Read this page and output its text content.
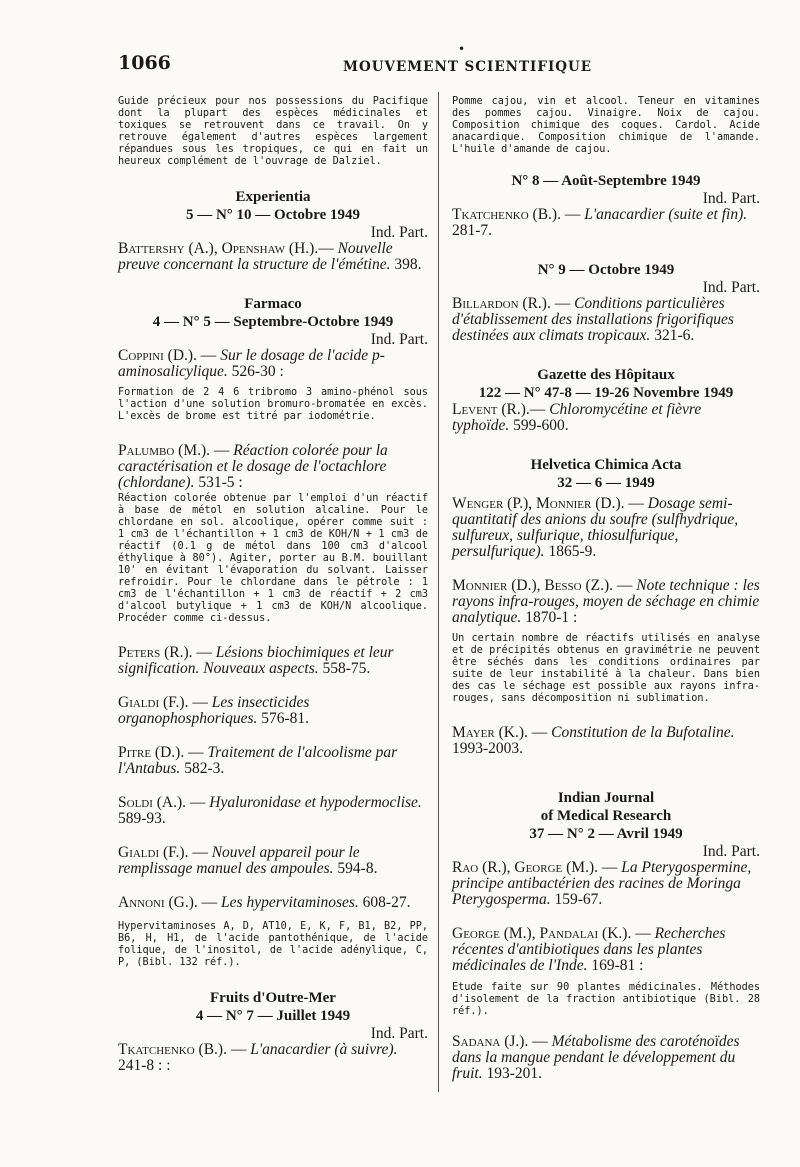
1066
•
MOUVEMENT SCIENTIFIQUE

Guide précieux pour nos possessions du Pacifique dont la plupart des espèces médicinales et toxiques se retrouvent dans ce travail. On y retrouve également d'autres espèces largement répandues sous les tropiques, ce qui en fait un heureux complément de l'ouvrage de Dalziel.

Experientia

5 — N° 10 — Octobre 1949

Ind. Part.

Battershy (A.), Openshaw (H.).— Nouvelle preuve concernant la structure de l'émétine. 398.

Farmaco

4 — N° 5 — Septembre-Octobre 1949

Ind. Part.

Coppini (D.). — Sur le dosage de l'acide p-aminosalicylique. 526-30 :

Formation de 2 4 6 tribromo 3 amino-phénol sous l'action d'une solution bromuro-bromatée en excès. L'excès de brome est titré par iodométrie.

Palumbo (M.). — Réaction colorée pour la caractérisation et le dosage de l'octachlore (chlordane). 531-5 :

Réaction colorée obtenue par l'emploi d'un réactif à base de métol en solution alcaline. Pour le chlordane en sol. alcoolique, opérer comme suit : 1 cm3 de l'échantillon + 1 cm3 de KOH/N + 1 cm3 de réactif (0.1 g de métol dans 100 cm3 d'alcool éthylique à 80°). Agiter, porter au B.M. bouillant 10' en évitant l'évaporation du solvant. Laisser refroidir. Pour le chlordane dans le pétrole : 1 cm3 de l'échantillon + 1 cm3 de réactif + 2 cm3 d'alcool butylique + 1 cm3 de KOH/N alcoolique. Procéder comme ci-dessus.

Peters (R.). — Lésions biochimiques et leur signification. Nouveaux aspects. 558-75.

Gialdi (F.). — Les insecticides organophosphoriques. 576-81.

Pitre (D.). — Traitement de l'alcoolisme par l'Antabus. 582-3.

Soldi (A.). — Hyaluronidase et hypodermoclise. 589-93.

Gialdi (F.). — Nouvel appareil pour le remplissage manuel des ampoules. 594-8.

Annoni (G.). — Les hypervitaminoses. 608-27.

Hypervitaminoses A, D, AT10, E, K, F, B1, B2, PP, B6, H, H1, de l'acide pantothénique, de l'acide folique, de l'inositol, de l'acide adénylique, C, P, (Bibl. 132 réf.).

Fruits d'Outre-Mer

4 — N° 7 — Juillet 1949

Ind. Part.

Tkatchenko (B.). — L'anacardier (à suivre). 241-8 : :

Pomme cajou, vin et alcool. Teneur en vitamines des pommes cajou. Vinaigre. Noix de cajou. Composition chimique des coques. Cardol. Acide anacardique. Composition chimique de l'amande. L'huile d'amande de cajou.

N° 8 — Août-Septembre 1949

Ind. Part.

Tkatchenko (B.). — L'anacardier (suite et fin). 281-7.

N° 9 — Octobre 1949

Ind. Part.

Billardon (R.). — Conditions particulières d'établissement des installations frigorifiques destinées aux climats tropicaux. 321-6.

Gazette des Hôpitaux

122 — N° 47-8 — 19-26 Novembre 1949

Levent (R.).— Chloromycétine et fièvre typhoïde. 599-600.

Helvetica Chimica Acta

32 — 6 — 1949

Wenger (P.), Monnier (D.). — Dosage semi-quantitatif des anions du soufre (sulfhydrique, sulfureux, sulfurique, thiosulfurique, persulfurique). 1865-9.

Monnier (D.), Besso (Z.). — Note technique : les rayons infra-rouges, moyen de séchage en chimie analytique. 1870-1 :

Un certain nombre de réactifs utilisés en analyse et de précipités obtenus en gravimétrie ne peuvent être séchés dans les conditions ordinaires par suite de leur instabilité à la chaleur. Dans bien des cas le séchage est possible aux rayons infra-rouges, sans décomposition ni sublimation.

Mayer (K.). — Constitution de la Bufotaline. 1993-2003.

Indian Journal

of Medical Research

37 — N° 2 — Avril 1949

Ind. Part.

Rao (R.), George (M.). — La Pterygospermine, principe antibactérien des racines de Moringa Pterygosperma. 159-67.

George (M.), Pandalai (K.). — Recherches récentes d'antibiotiques dans les plantes médicinales de l'Inde. 169-81 :

Etude faite sur 90 plantes médicinales. Méthodes d'isolement de la fraction antibiotique (Bibl. 28 réf.).

Sadana (J.). — Métabolisme des caroténoïdes dans la mangue pendant le développement du fruit. 193-201.
